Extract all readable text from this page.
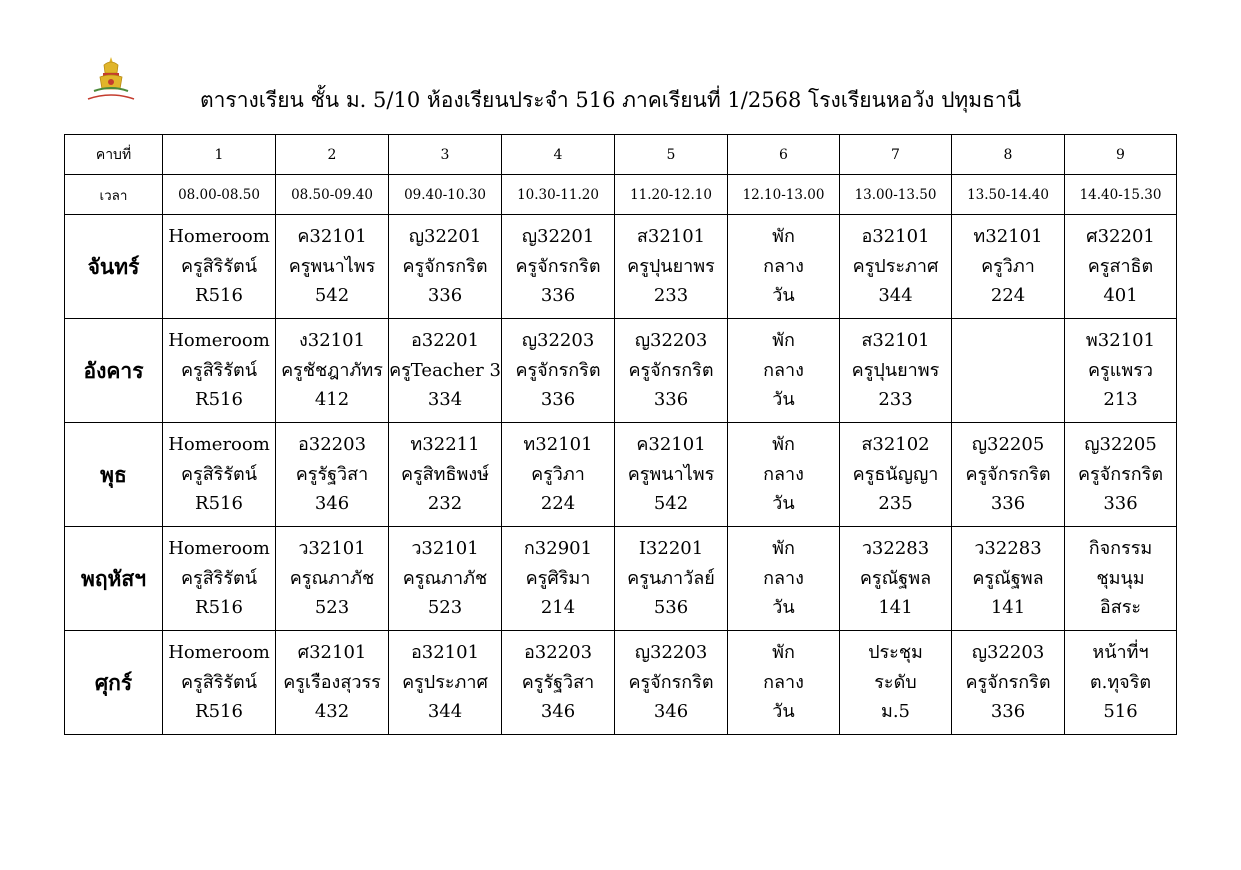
ตารางเรียน ชั้น ม. 5/10 ห้องเรียนประจำ 516 ภาคเรียนที่ 1/2568 โรงเรียนหอวัง ปทุมธานี
คาบที่	1	2	3	4	5	6	7	8	9
เวลา	08.00-08.50	08.50-09.40	09.40-10.30	10.30-11.20	11.20-12.10	12.10-13.00	13.00-13.50	13.50-14.40	14.40-15.30
จันทร์	Homeroom
ครูสิริรัตน์
R516	ค32101
ครูพนาไพร
542	ญ32201
ครูจักรกริต
336	ญ32201
ครูจักรกริต
336	ส32101
ครูปุนยาพร
233	พัก
กลาง
วัน	อ32101
ครูประภาศ
344	ท32101
ครูวิภา
224	ศ32201
ครูสาธิต
401

อังคาร	Homeroom
ครูสิริรัตน์
R516	ง32101
ครูชัชฎาภัทร
412	อ32201
ครูTeacher 3
334	ญ32203
ครูจักรกริต
336	ญ32203
ครูจักรกริต
336	พัก
กลาง
วัน	ส32101
ครูปุนยาพร
233		พ32101
ครูแพรว
213

พุธ	Homeroom
ครูสิริรัตน์
R516	อ32203
ครูรัฐวิสา
346	ท32211
ครูสิทธิพงษ์
232	ท32101
ครูวิภา
224	ค32101
ครูพนาไพร
542	พัก
กลาง
วัน	ส32102
ครูธนัญญา
235	ญ32205
ครูจักรกริต
336	ญ32205
ครูจักรกริต
336

พฤหัสฯ	Homeroom
ครูสิริรัตน์
R516	ว32101
ครูณภาภัช
523	ว32101
ครูณภาภัช
523	ก32901
ครูศิริมา
214	I32201
ครูนภาวัลย์
536	พัก
กลาง
วัน	ว32283
ครูณัฐพล
141	ว32283
ครูณัฐพล
141	กิจกรรม
ชุมนุม
อิสระ

ศุกร์	Homeroom
ครูสิริรัตน์
R516	ศ32101
ครูเรืองสุวรร
432	อ32101
ครูประภาศ
344	อ32203
ครูรัฐวิสา
346	ญ32203
ครูจักรกริต
346	พัก
กลาง
วัน	ประชุม
ระดับ
ม.5	ญ32203
ครูจักรกริต
336	หน้าที่ฯ
ต.ทุจริต
516
